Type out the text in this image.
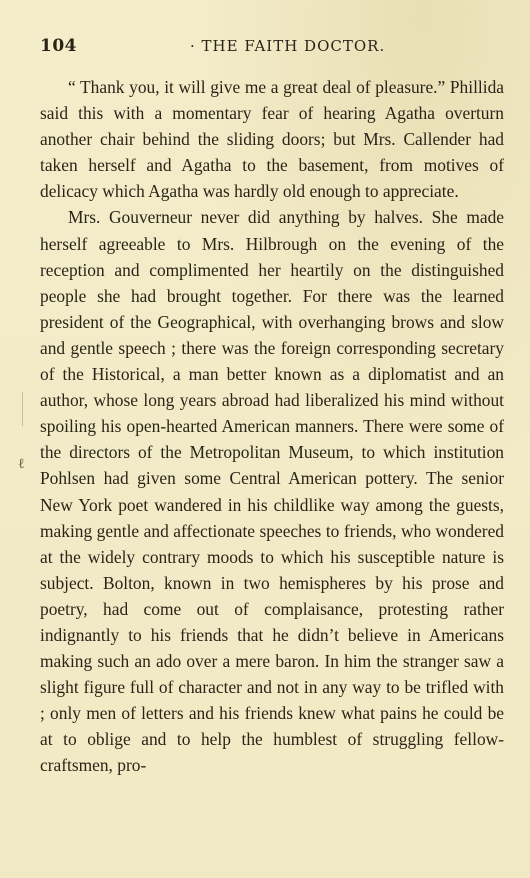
104	· THE FAITH DOCTOR.
ℓ

“ Thank you, it will give me a great deal of pleasure.” Phillida said this with a momentary fear of hearing Agatha overturn another chair behind the sliding doors; but Mrs. Callender had taken herself and Agatha to the basement, from motives of delicacy which Agatha was hardly old enough to appreciate.

Mrs. Gouverneur never did anything by halves. She made herself agreeable to Mrs. Hilbrough on the evening of the reception and complimented her heartily on the distinguished people she had brought together. For there was the learned president of the Geographical, with overhanging brows and slow and gentle speech ; there was the foreign corresponding secretary of the Historical, a man better known as a diplomatist and an author, whose long years abroad had liberalized his mind without spoiling his open-hearted American manners. There were some of the directors of the Metropolitan Museum, to which institution Pohlsen had given some Central American pottery. The senior New York poet wandered in his childlike way among the guests, making gentle and affectionate speeches to friends, who wondered at the widely contrary moods to which his susceptible nature is subject. Bolton, known in two hemispheres by his prose and poetry, had come out of complaisance, protesting rather indignantly to his friends that he didn’t believe in Americans making such an ado over a mere baron. In him the stranger saw a slight figure full of character and not in any way to be trifled with ; only men of letters and his friends knew what pains he could be at to oblige and to help the humblest of struggling fellow-craftsmen, pro-
